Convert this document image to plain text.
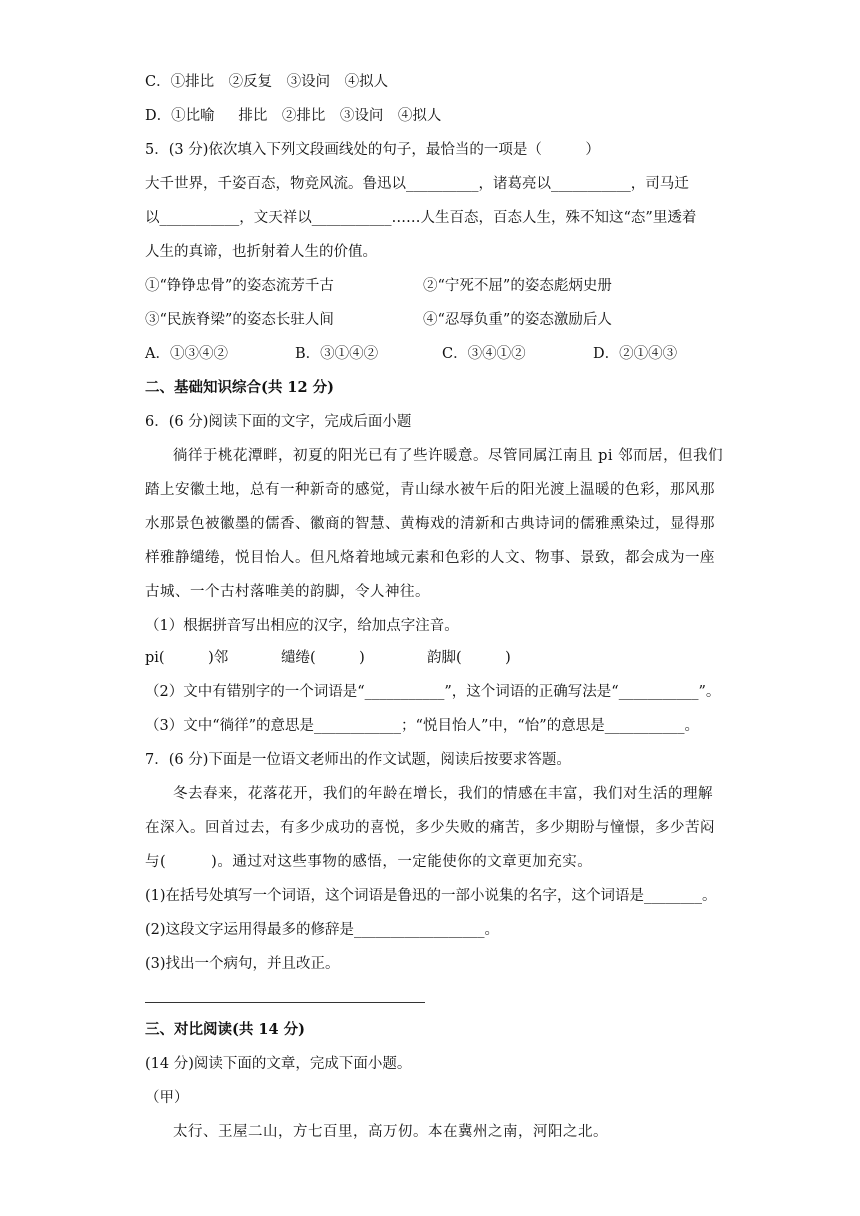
C．①排比　②反复　③设问　④拟人
D．①比喻　  排比　②排比　③设问　④拟人
5．(3 分)依次填入下列文段画线处的句子，最恰当的一项是（　　　）
大千世界，千姿百态，物竞风流。鲁迅以__________，诸葛亮以___________，司马迁
以___________，文天祥以___________……人生百态，百态人生，殊不知这“态”里透着
人生的真谛，也折射着人生的价值。
①“铮铮忠骨”的姿态流芳千古	②“宁死不屈”的姿态彪炳史册
③“民族脊梁”的姿态长驻人间	④“忍辱负重”的姿态激励后人
A．①③④②	B．③①④②	C．③④①②	D．②①④③
二、基础知识综合(共 12 分)
6．(6 分)阅读下面的文字，完成后面小题
徜徉于桃花潭畔，初夏的阳光已有了些许暖意。尽管同属江南且 pi 邻而居，但我们
踏上安徽土地，总有一种新奇的感觉，青山绿水被午后的阳光渡上温暖的色彩，那风那
水那景色被徽墨的儒香、徽商的智慧、黄梅戏的清新和古典诗词的儒雅熏染过，显得那
样雅静缱绻，悦目怡人。但凡烙着地域元素和色彩的人文、物事、景致，都会成为一座
古城、一个古村落唯美的韵脚，令人神往。
（1）根据拼音写出相应的汉字，给加点字注音。
pi(　　　)邻	缱绻(　　　)	韵脚(　　　)
（2）文中有错别字的一个词语是“___________”，这个词语的正确写法是“___________”。
（3）文中“徜徉”的意思是____________；“悦目怡人”中，“怡”的意思是___________。
7．(6 分)下面是一位语文老师出的作文试题，阅读后按要求答题。
冬去春来，花落花开，我们的年龄在增长，我们的情感在丰富，我们对生活的理解
在深入。回首过去，有多少成功的喜悦，多少失败的痛苦，多少期盼与憧憬，多少苦闷
与(　　　)。通过对这些事物的感悟，一定能使你的文章更加充实。
(1)在括号处填写一个词语，这个词语是鲁迅的一部小说集的名字，这个词语是________。
(2)这段文字运用得最多的修辞是__________________。
(3)找出一个病句，并且改正。
三、对比阅读(共 14 分)
(14 分)阅读下面的文章，完成下面小题。
（甲）
太行、王屋二山，方七百里，高万仞。本在冀州之南，河阳之北。
